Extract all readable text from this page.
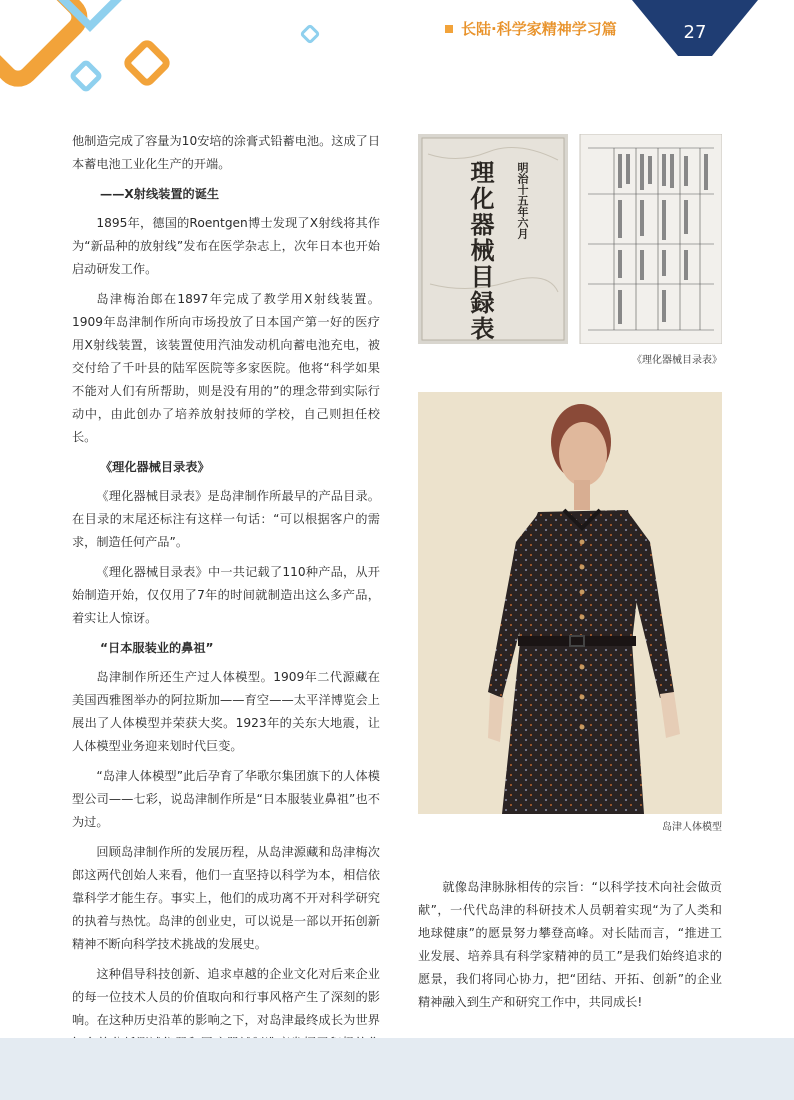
长陆·科学家精神学习篇	27

他制造完成了容量为10安培的涂膏式铅蓄电池。这成了日本蓄电池工业化生产的开端。

——X射线装置的诞生

1895年，德国的Roentgen博士发现了X射线将其作为“新品种的放射线”发布在医学杂志上，次年日本也开始启动研发工作。

岛津梅治郎在1897年完成了教学用X射线装置。1909年岛津制作所向市场投放了日本国产第一好的医疗用X射线装置，该装置使用汽油发动机向蓄电池充电，被交付给了千叶县的陆军医院等多家医院。他将“科学如果不能对人们有所帮助，则是没有用的”的理念带到实际行动中，由此创办了培养放射技师的学校，自己则担任校长。

《理化器械目录表》

《理化器械目录表》是岛津制作所最早的产品目录。在目录的末尾还标注有这样一句话：“可以根据客户的需求，制造任何产品”。

《理化器械目录表》中一共记载了110种产品，从开始制造开始，仅仅用了7年的时间就制造出这么多产品，着实让人惊讶。

“日本服装业的鼻祖”

岛津制作所还生产过人体模型。1909年二代源藏在美国西雅图举办的阿拉斯加——育空——太平洋博览会上展出了人体模型并荣获大奖。1923年的关东大地震，让人体模型业务迎来划时代巨变。

“岛津人体模型”此后孕育了华歌尔集团旗下的人体模型公司——七彩，说岛津制作所是“日本服装业鼻祖”也不为过。

回顾岛津制作所的发展历程，从岛津源藏和岛津梅次郎这两代创始人来看，他们一直坚持以科学为本，相信依靠科学才能生存。事实上，他们的成功离不开对科学研究的执着与热忱。岛津的创业史，可以说是一部以开拓创新精神不断向科学技术挑战的发展史。

这种倡导科技创新、追求卓越的企业文化对后来企业的每一位技术人员的价值取向和行事风格产生了深刻的影响。在这种历史沿革的影响之下，对岛津最终成长为世界

理化器械目録表	明治十五年六月
《理化器械目录表》
岛津人体模型

就像岛津脉脉相传的宗旨：“以科学技术向社会做贡献”，一代代岛津的科研技术人员朝着实现“为了人类和地球健康”的愿景努力攀登高峰。对长陆而言，“推进工业发展、培养具有科学家精神的员工”是我们始终追求的愿景，我们将同心协力，把“团结、开拓、创新”的企业精神融入到生产和研究工作中，共同成长!
